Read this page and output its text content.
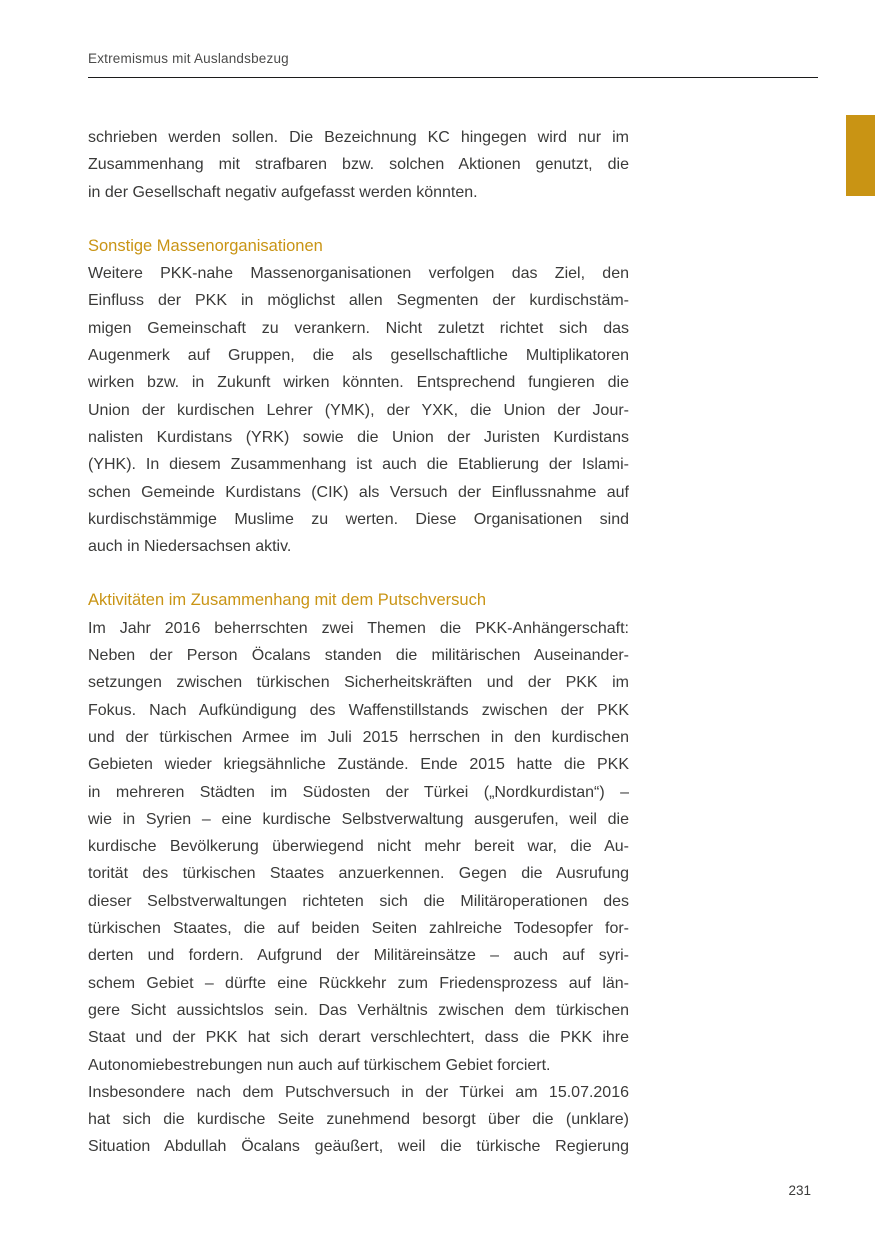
Extremismus mit Auslandsbezug
schrieben werden sollen. Die Bezeichnung KC hingegen wird nur im
Zusammenhang mit strafbaren bzw. solchen Aktionen genutzt, die
in der Gesellschaft negativ aufgefasst werden könnten.
Sonstige Massenorganisationen
Weitere PKK-nahe Massenorganisationen verfolgen das Ziel, den
Einfluss der PKK in möglichst allen Segmenten der kurdischstäm-
migen Gemeinschaft zu verankern. Nicht zuletzt richtet sich das
Augenmerk auf Gruppen, die als gesellschaftliche Multiplikatoren
wirken bzw. in Zukunft wirken könnten. Entsprechend fungieren die
Union der kurdischen Lehrer (YMK), der YXK, die Union der Jour-
nalisten Kurdistans (YRK) sowie die Union der Juristen Kurdistans
(YHK). In diesem Zusammenhang ist auch die Etablierung der Islami-
schen Gemeinde Kurdistans (CIK) als Versuch der Einflussnahme auf
kurdischstämmige Muslime zu werten. Diese Organisationen sind
auch in Niedersachsen aktiv.
Aktivitäten im Zusammenhang mit dem Putschversuch
Im Jahr 2016 beherrschten zwei Themen die PKK-Anhängerschaft:
Neben der Person Öcalans standen die militärischen Auseinander-
setzungen zwischen türkischen Sicherheitskräften und der PKK im
Fokus. Nach Aufkündigung des Waffenstillstands zwischen der PKK
und der türkischen Armee im Juli 2015 herrschen in den kurdischen
Gebieten wieder kriegsähnliche Zustände. Ende 2015 hatte die PKK
in mehreren Städten im Südosten der Türkei („Nordkurdistan“) –
wie in Syrien – eine kurdische Selbstverwaltung ausgerufen, weil die
kurdische Bevölkerung überwiegend nicht mehr bereit war, die Au-
torität des türkischen Staates anzuerkennen. Gegen die Ausrufung
dieser Selbstverwaltungen richteten sich die Militäroperationen des
türkischen Staates, die auf beiden Seiten zahlreiche Todesopfer for-
derten und fordern. Aufgrund der Militäreinsätze – auch auf syri-
schem Gebiet – dürfte eine Rückkehr zum Friedensprozess auf län-
gere Sicht aussichtslos sein. Das Verhältnis zwischen dem türkischen
Staat und der PKK hat sich derart verschlechtert, dass die PKK ihre
Autonomiebestrebungen nun auch auf türkischem Gebiet forciert.
Insbesondere nach dem Putschversuch in der Türkei am 15.07.2016
hat sich die kurdische Seite zunehmend besorgt über die (unklare)
Situation Abdullah Öcalans geäußert, weil die türkische Regierung
231
